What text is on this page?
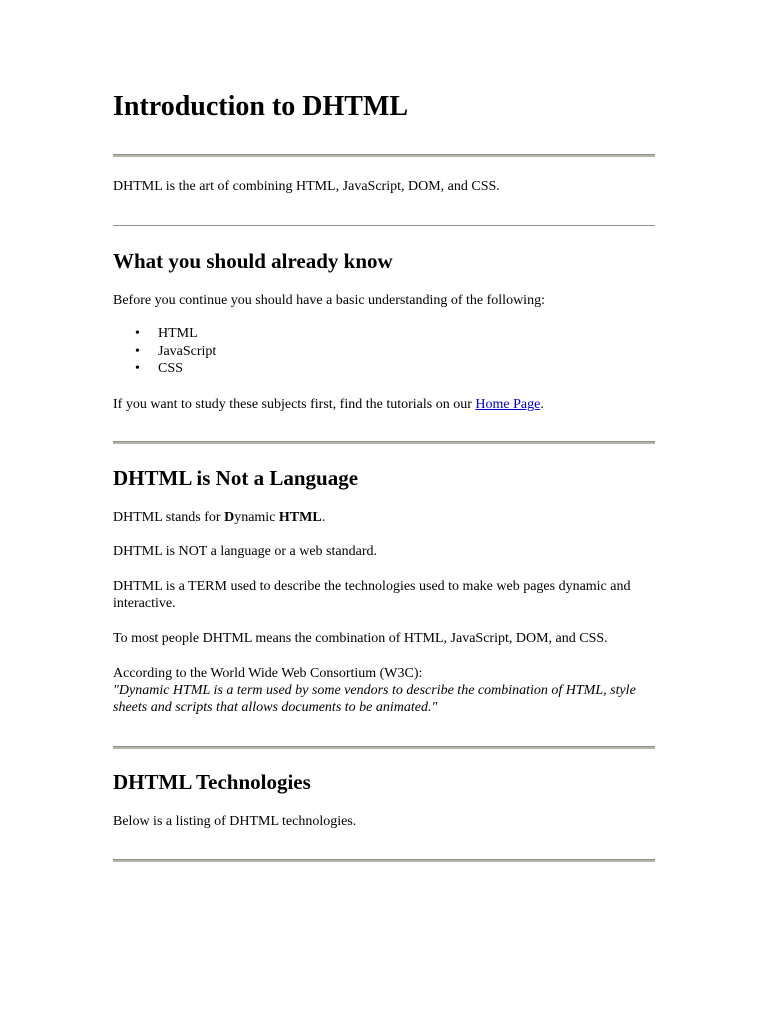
Introduction to DHTML

DHTML is the art of combining HTML, JavaScript, DOM, and CSS.

What you should already know

Before you continue you should have a basic understanding of the following:

• HTML
• JavaScript
• CSS

If you want to study these subjects first, find the tutorials on our Home Page.

DHTML is Not a Language

DHTML stands for Dynamic HTML.

DHTML is NOT a language or a web standard.

DHTML is a TERM used to describe the technologies used to make web pages dynamic and interactive.

To most people DHTML means the combination of HTML, JavaScript, DOM, and CSS.

According to the World Wide Web Consortium (W3C):
"Dynamic HTML is a term used by some vendors to describe the combination of HTML, style sheets and scripts that allows documents to be animated."

DHTML Technologies

Below is a listing of DHTML technologies.
